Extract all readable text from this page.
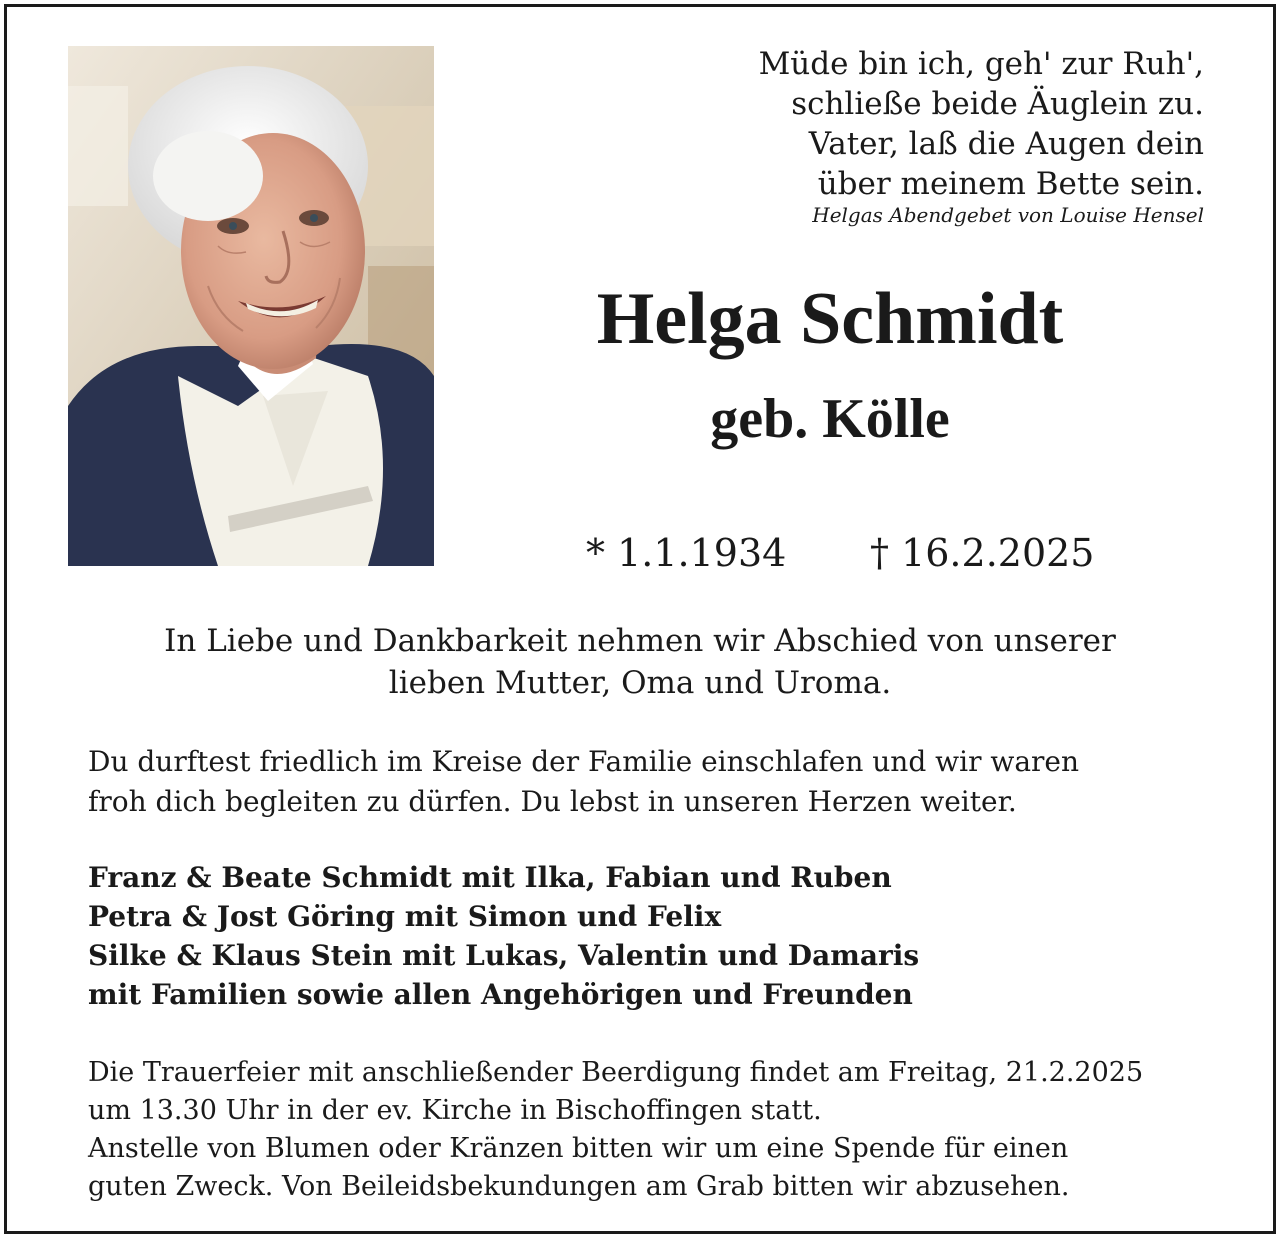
Müde bin ich, geh' zur Ruh',
schließe beide Äuglein zu.
Vater, laß die Augen dein
über meinem Bette sein.
Helgas Abendgebet von Louise Hensel
Helga Schmidt
geb. Kölle
* 1.1.1934 † 16.2.2025
In Liebe und Dankbarkeit nehmen wir Abschied von unserer
lieben Mutter, Oma und Uroma.
Du durftest friedlich im Kreise der Familie einschlafen und wir waren
froh dich begleiten zu dürfen. Du lebst in unseren Herzen weiter.
Franz & Beate Schmidt mit Ilka, Fabian und Ruben
Petra & Jost Göring mit Simon und Felix
Silke & Klaus Stein mit Lukas, Valentin und Damaris
mit Familien sowie allen Angehörigen und Freunden
Die Trauerfeier mit anschließender Beerdigung findet am Freitag, 21.2.2025
um 13.30 Uhr in der ev. Kirche in Bischoffingen statt.
Anstelle von Blumen oder Kränzen bitten wir um eine Spende für einen
guten Zweck. Von Beileidsbekundungen am Grab bitten wir abzusehen.
